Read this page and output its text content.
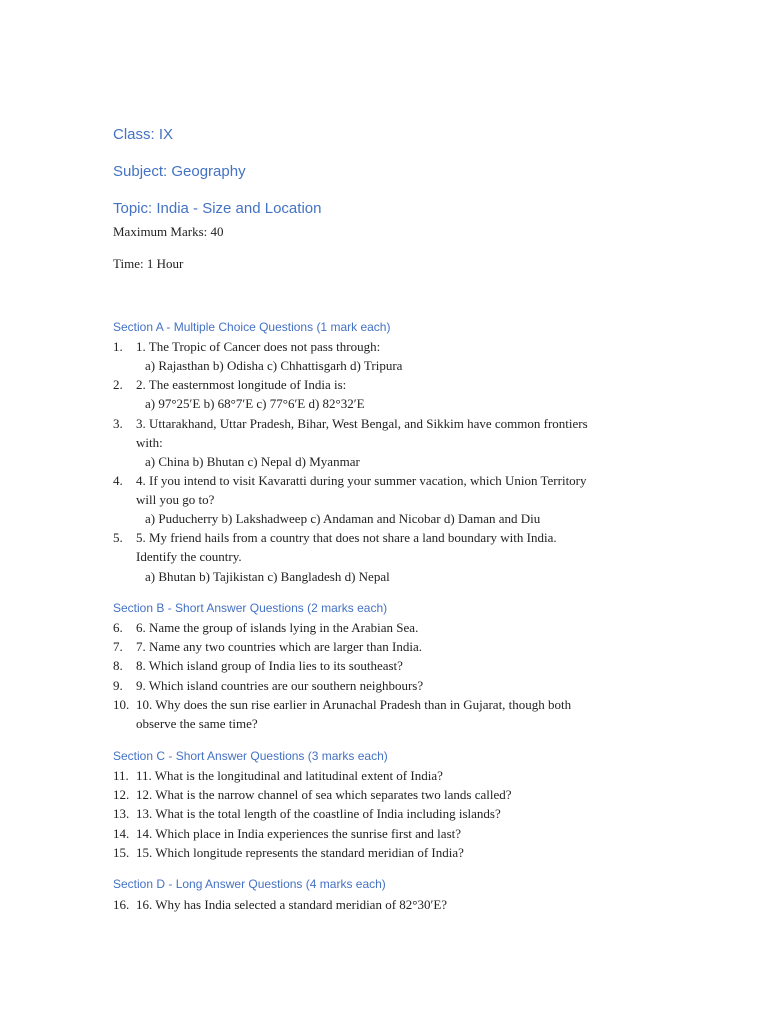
Class: IX
Subject: Geography
Topic: India - Size and Location
Maximum Marks: 40
Time: 1 Hour
Section A - Multiple Choice Questions (1 mark each)
1. 1. The Tropic of Cancer does not pass through:
a) Rajasthan b) Odisha c) Chhattisgarh d) Tripura
2. 2. The easternmost longitude of India is:
a) 97°25′E b) 68°7′E c) 77°6′E d) 82°32′E
3. 3. Uttarakhand, Uttar Pradesh, Bihar, West Bengal, and Sikkim have common frontiers
with:
a) China b) Bhutan c) Nepal d) Myanmar
4. 4. If you intend to visit Kavaratti during your summer vacation, which Union Territory
will you go to?
a) Puducherry b) Lakshadweep c) Andaman and Nicobar d) Daman and Diu
5. 5. My friend hails from a country that does not share a land boundary with India.
Identify the country.
a) Bhutan b) Tajikistan c) Bangladesh d) Nepal
Section B - Short Answer Questions (2 marks each)
6. 6. Name the group of islands lying in the Arabian Sea.
7. 7. Name any two countries which are larger than India.
8. 8. Which island group of India lies to its southeast?
9. 9. Which island countries are our southern neighbours?
10. 10. Why does the sun rise earlier in Arunachal Pradesh than in Gujarat, though both
observe the same time?
Section C - Short Answer Questions (3 marks each)
11. 11. What is the longitudinal and latitudinal extent of India?
12. 12. What is the narrow channel of sea which separates two lands called?
13. 13. What is the total length of the coastline of India including islands?
14. 14. Which place in India experiences the sunrise first and last?
15. 15. Which longitude represents the standard meridian of India?
Section D - Long Answer Questions (4 marks each)
16. 16. Why has India selected a standard meridian of 82°30′E?
